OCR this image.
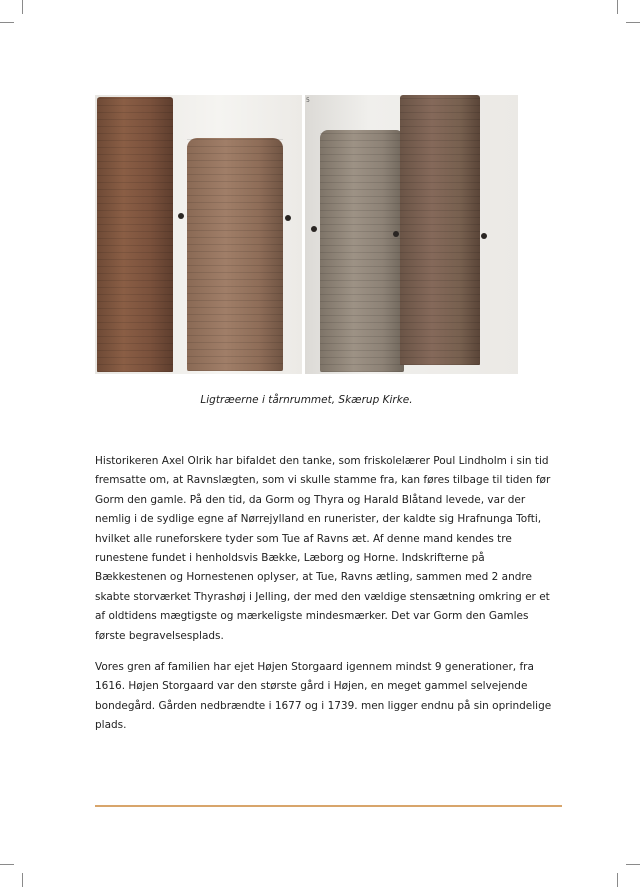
5
Ligtræerne i tårnrummet, Skærup Kirke.

Historikeren Axel Olrik har bifaldet den tanke, som friskolelærer Poul Lindholm i sin tid fremsatte om, at Ravnslægten, som vi skulle stamme fra, kan føres tilbage til tiden før Gorm den gamle. På den tid, da Gorm og Thyra og Harald Blåtand levede, var der nemlig i de sydlige egne af Nørrejylland en runerister, der kaldte sig Hrafnunga Tofti, hvilket alle runeforskere tyder som Tue af Ravns æt. Af denne mand kendes tre runestene fundet i henholdsvis Bække, Læborg og Horne. Indskrifterne på Bækkestenen og Hornestenen oplyser, at Tue, Ravns ætling, sammen med 2 andre skabte storværket Thyrashøj i Jelling, der med den vældige stensætning omkring er et af oldtidens mægtigste og mærkeligste mindesmærker. Det var Gorm den Gamles første begravelsesplads.

Vores gren af familien har ejet Højen Storgaard igennem mindst 9 generationer, fra 1616. Højen Storgaard var den største gård i Højen, en meget gammel selvejende bondegård. Gården nedbrændte i 1677 og i 1739. men ligger endnu på sin oprindelige plads.
